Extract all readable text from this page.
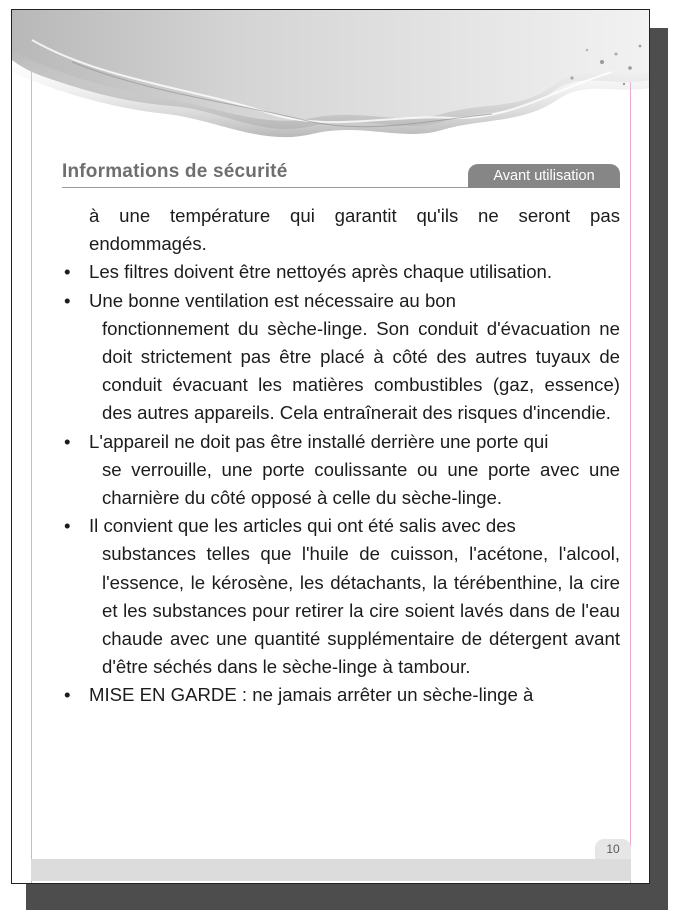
Informations de sécurité	Avant utilisation

à une température qui garantit qu'ils ne seront pas endommagés.

• Les filtres doivent être nettoyés après chaque utilisation.
• Une bonne ventilation est nécessaire au bon
fonctionnement du sèche-linge. Son conduit d'évacuation ne doit strictement pas être placé à côté des autres tuyaux de conduit évacuant les matières combustibles (gaz, essence) des autres appareils. Cela entraînerait des risques d'incendie.
• L'appareil ne doit pas être installé derrière une porte qui
se verrouille, une porte coulissante ou une porte avec une charnière du côté opposé à celle du sèche-linge.
• Il convient que les articles qui ont été salis avec des
substances telles que l'huile de cuisson, l'acétone, l'alcool, l'essence, le kérosène, les détachants, la térébenthine, la cire et les substances pour retirer la cire soient lavés dans de l'eau chaude avec une quantité supplémentaire de détergent avant d'être séchés dans le sèche-linge à tambour.
• MISE EN GARDE : ne jamais arrêter un sèche-linge à
10
